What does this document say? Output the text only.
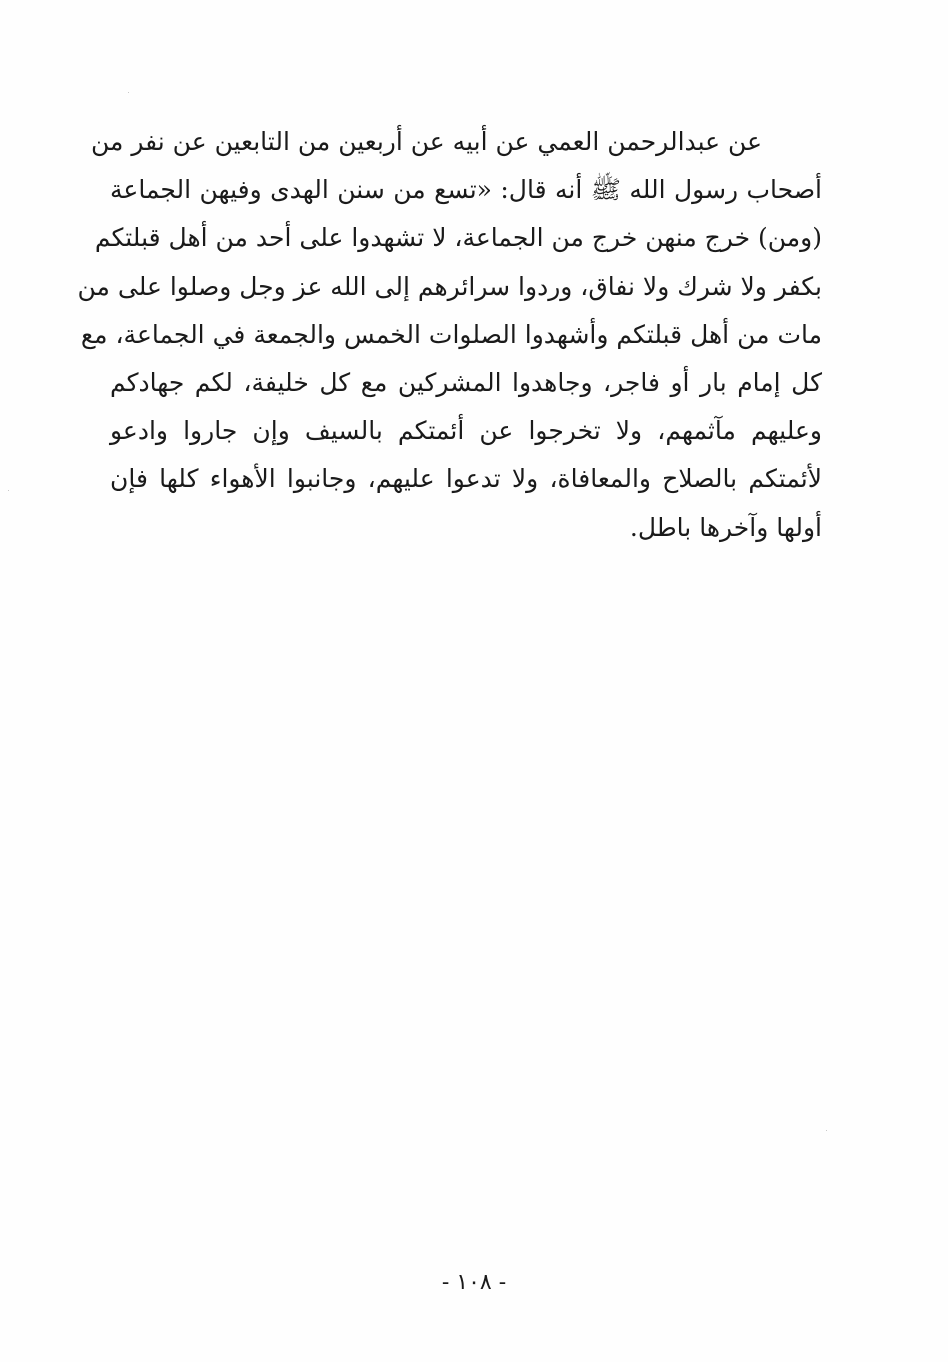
عن عبدالرحمن العمي عن أبيه عن أربعين من التابعين عن نفر من
أصحاب رسول الله ﷺ أنه قال: «تسع من سنن الهدى وفيهن الجماعة
(ومن) خرج منهن خرج من الجماعة، لا تشهدوا على أحد من أهل قبلتكم
بكفر ولا شرك ولا نفاق، وردوا سرائرهم إلى الله عز وجل وصلوا على من
مات من أهل قبلتكم وأشهدوا الصلوات الخمس والجمعة في الجماعة، مع
كل إمام بار أو فاجر، وجاهدوا المشركين مع كل خليفة، لكم جهادكم
وعليهم مآثمهم، ولا تخرجوا عن أئمتكم بالسيف وإن جاروا وادعو
لأئمتكم بالصلاح والمعافاة، ولا تدعوا عليهم، وجانبوا الأهواء كلها فإن
أولها وآخرها باطل.
- ١٠٨ -
